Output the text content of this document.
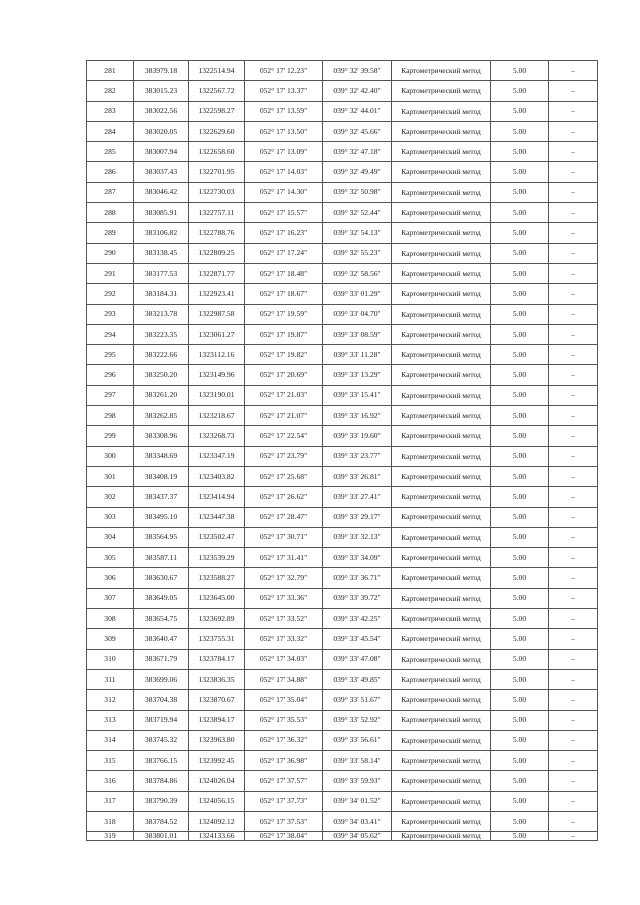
281	383979.18	1322514.94	052° 17' 12.23"	039° 32' 39.58"	Картометрический метод	5.00	–
282	383015.23	1322567.72	052° 17' 13.37"	039° 32' 42.40"	Картометрический метод	5.00	–
283	383022.56	1322598.27	052° 17' 13.59"	039° 32' 44.01"	Картометрический метод	5.00	–
284	383020.05	1322629.60	052° 17' 13.50"	039° 32' 45.66"	Картометрический метод	5.00	–
285	383007.94	1322658.60	052° 17' 13.09"	039° 32' 47.18"	Картометрический метод	5.00	–
286	383037.43	1322701.95	052° 17' 14.03"	039° 32' 49.49"	Картометрический метод	5.00	–
287	383046.42	1322730.03	052° 17' 14.30"	039° 32' 50.98"	Картометрический метод	5.00	–
288	383085.91	1322757.11	052° 17' 15.57"	039° 32' 52.44"	Картометрический метод	5.00	–
289	383106.82	1322788.76	052° 17' 16.23"	039° 32' 54.13"	Картометрический метод	5.00	–
290	383138.45	1322809.25	052° 17' 17.24"	039° 32' 55.23"	Картометрический метод	5.00	–
291	383177.53	1322871.77	052° 17' 18.48"	039° 32' 58.56"	Картометрический метод	5.00	–
292	383184.31	1322923.41	052° 17' 18.67"	039° 33' 01.29"	Картометрический метод	5.00	–
293	383213.78	1322987.58	052° 17' 19.59"	039° 33' 04.70"	Картометрический метод	5.00	–
294	383223.35	1323061.27	052° 17' 19.87"	039° 33' 08.59"	Картометрический метод	5.00	–
295	383222.66	1323112.16	052° 17' 19.82"	039° 33' 11.28"	Картометрический метод	5.00	–
296	383250.20	1323149.96	052° 17' 20.69"	039° 33' 13.29"	Картометрический метод	5.00	–
297	383261.20	1323190.01	052° 17' 21.03"	039° 33' 15.41"	Картометрический метод	5.00	–
298	383262.85	1323218.67	052° 17' 21.07"	039° 33' 16.92"	Картометрический метод	5.00	–
299	383308.96	1323268.73	052° 17' 22.54"	039° 33' 19.60"	Картометрический метод	5.00	–
300	383348.69	1323347.19	052° 17' 23.79"	039° 33' 23.77"	Картометрический метод	5.00	–
301	383408.19	1323403.82	052° 17' 25.68"	039° 33' 26.81"	Картометрический метод	5.00	–
302	383437.37	1323414.94	052° 17' 26.62"	039° 33' 27.41"	Картометрический метод	5.00	–
303	383495.10	1323447.38	052° 17' 28.47"	039° 33' 29.17"	Картометрический метод	5.00	–
304	383564.95	1323502.47	052° 17' 30.71"	039° 33' 32.13"	Картометрический метод	5.00	–
305	383587.11	1323539.29	052° 17' 31.41"	039° 33' 34.09"	Картометрический метод	5.00	–
306	383630.67	1323588.27	052° 17' 32.79"	039° 33' 36.71"	Картометрический метод	5.00	–
307	383649.05	1323645.00	052° 17' 33.36"	039° 33' 39.72"	Картометрический метод	5.00	–
308	383654.75	1323692.89	052° 17' 33.52"	039° 33' 42.25"	Картометрический метод	5.00	–
309	383640.47	1323755.31	052° 17' 33.32"	039° 33' 45.54"	Картометрический метод	5.00	–
310	383671.79	1323784.17	052° 17' 34.03"	039° 33' 47.08"	Картометрический метод	5.00	–
311	383699.06	1323836.35	052° 17' 34.88"	039° 33' 49.85"	Картометрический метод	5.00	–
312	383704.38	1323870.67	052° 17' 35.04"	039° 33' 51.67"	Картометрический метод	5.00	–
313	383719.94	1323894.17	052° 17' 35.53"	039° 33' 52.92"	Картометрический метод	5.00	–
314	383745.32	1323963.80	052° 17' 36.32"	039° 33' 56.61"	Картометрический метод	5.00	–
315	383766.15	1323992.45	052° 17' 36.98"	039° 33' 58.14"	Картометрический метод	5.00	–
316	383784.86	1324026.04	052° 17' 37.57"	039° 33' 59.93"	Картометрический метод	5.00	–
317	383790.39	1324056.15	052° 17' 37.73"	039° 34' 01.52"	Картометрический метод	5.00	–
318	383784.52	1324092.12	052° 17' 37.53"	039° 34' 03.41"	Картометрический метод	5.00	–
319	383801.01	1324133.66	052° 17' 38.04"	039° 34' 05.62"	Картометрический метод	5.00	–
